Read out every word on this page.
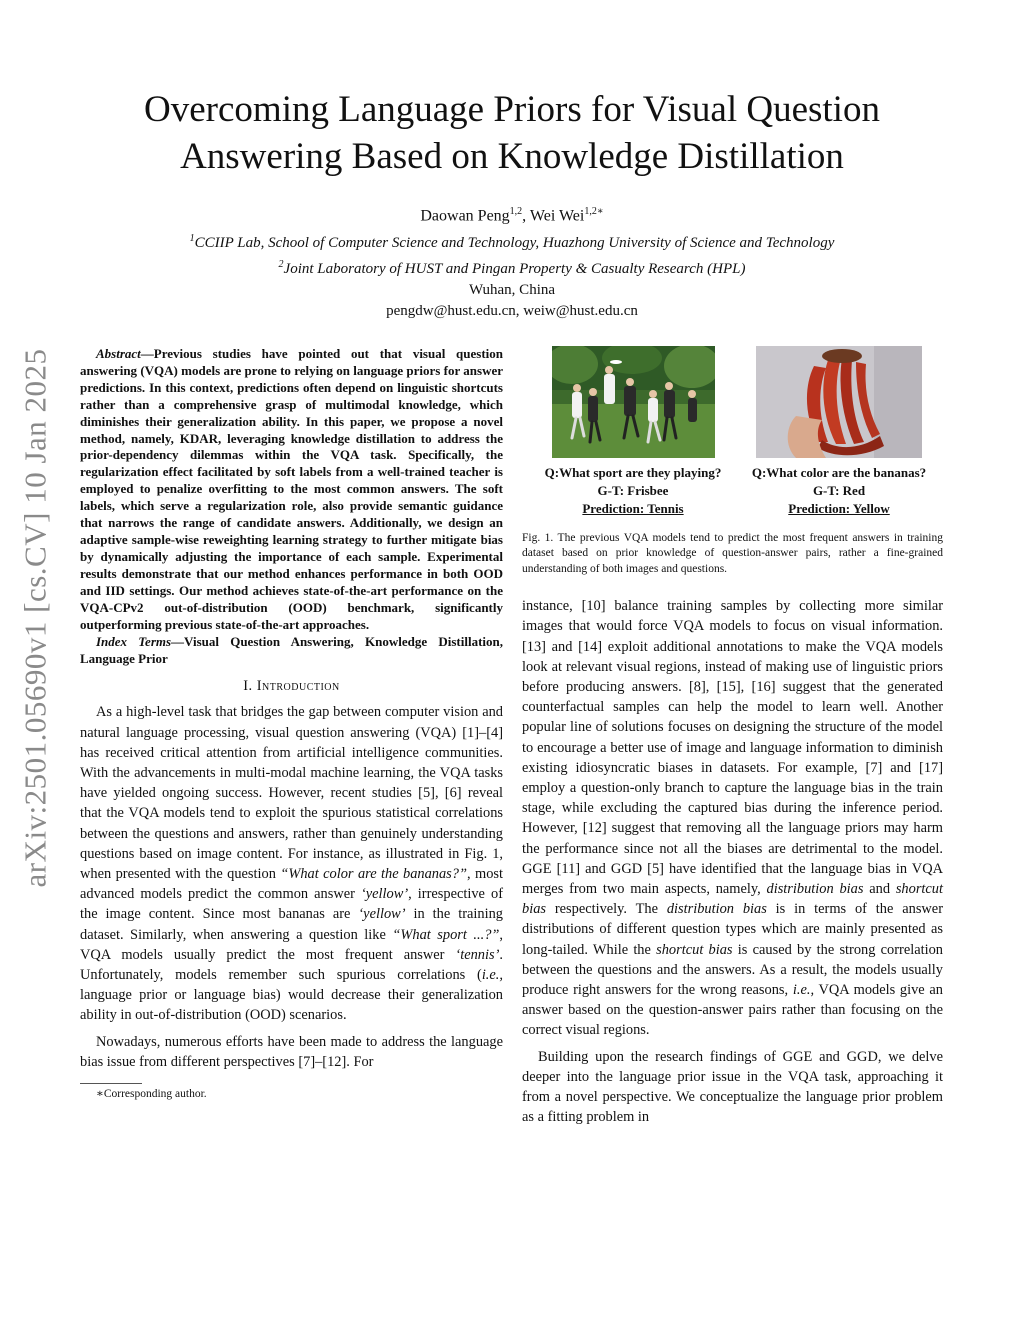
arXiv:2501.05690v1 [cs.CV] 10 Jan 2025
Overcoming Language Priors for Visual Question Answering Based on Knowledge Distillation
Daowan Peng$^{1,2}$, Wei Wei$^{1,2∗}$
$^1$CCIIP Lab, School of Computer Science and Technology, Huazhong University of Science and Technology
$^2$Joint Laboratory of HUST and Pingan Property & Casualty Research (HPL)
Wuhan, China
pengdw@hust.edu.cn, weiw@hust.edu.cn

Abstract—Previous studies have pointed out that visual question answering (VQA) models are prone to relying on language priors for answer predictions. In this context, predictions often depend on linguistic shortcuts rather than a comprehensive grasp of multimodal knowledge, which diminishes their generalization ability. In this paper, we propose a novel method, namely, KDAR, leveraging knowledge distillation to address the prior-dependency dilemmas within the VQA task. Specifically, the regularization effect facilitated by soft labels from a well-trained teacher is employed to penalize overfitting to the most common answers. The soft labels, which serve a regularization role, also provide semantic guidance that narrows the range of candidate answers. Additionally, we design an adaptive sample-wise reweighting learning strategy to further mitigate bias by dynamically adjusting the importance of each sample. Experimental results demonstrate that our method enhances performance in both OOD and IID settings. Our method achieves state-of-the-art performance on the VQA-CPv2 out-of-distribution (OOD) benchmark, significantly outperforming previous state-of-the-art approaches.

Index Terms—Visual Question Answering, Knowledge Distillation, Language Prior

I. Introduction

As a high-level task that bridges the gap between computer vision and natural language processing, visual question answering (VQA) [1]–[4] has received critical attention from artificial intelligence communities. With the advancements in multi-modal machine learning, the VQA tasks have yielded ongoing success. However, recent studies [5], [6] reveal that the VQA models tend to exploit the spurious statistical correlations between the questions and answers, rather than genuinely understanding questions based on image content. For instance, as illustrated in Fig. 1, when presented with the question “What color are the bananas?”, most advanced models predict the common answer ‘yellow’, irrespective of the image content. Since most bananas are ‘yellow’ in the training dataset. Similarly, when answering a question like “What sport ...?”, VQA models usually predict the most frequent answer ‘tennis’. Unfortunately, models remember such spurious correlations (i.e., language prior or language bias) would decrease their generalization ability in out-of-distribution (OOD) scenarios.

Nowadays, numerous efforts have been made to address the language bias issue from different perspectives [7]–[12]. For

∗Corresponding author.

Q:What sport are they playing?
G-T: Frisbee
Prediction: Tennis
Q:What color are the bananas?
G-T: Red
Prediction: Yellow

Fig. 1. The previous VQA models tend to predict the most frequent answers in training dataset based on prior knowledge of question-answer pairs, rather a fine-grained understanding of both images and questions.

instance, [10] balance training samples by collecting more similar images that would force VQA models to focus on visual information. [13] and [14] exploit additional annotations to make the VQA models look at relevant visual regions, instead of making use of linguistic priors before producing answers. [8], [15], [16] suggest that the generated counterfactual samples can help the model to learn well. Another popular line of solutions focuses on designing the structure of the model to encourage a better use of image and language information to diminish existing idiosyncratic biases in datasets. For example, [7] and [17] employ a question-only branch to capture the language bias in the train stage, while excluding the captured bias during the inference period. However, [12] suggest that removing all the language priors may harm the performance since not all the biases are detrimental to the model. GGE [11] and GGD [5] have identified that the language bias in VQA merges from two main aspects, namely, distribution bias and shortcut bias respectively. The distribution bias is in terms of the answer distributions of different question types which are mainly presented as long-tailed. While the shortcut bias is caused by the strong correlation between the questions and the answers. As a result, the models usually produce right answers for the wrong reasons, i.e., VQA models give an answer based on the question-answer pairs rather than focusing on the correct visual regions.

Building upon the research findings of GGE and GGD, we delve deeper into the language prior issue in the VQA task, approaching it from a novel perspective. We conceptualize the language prior problem as a fitting problem in
